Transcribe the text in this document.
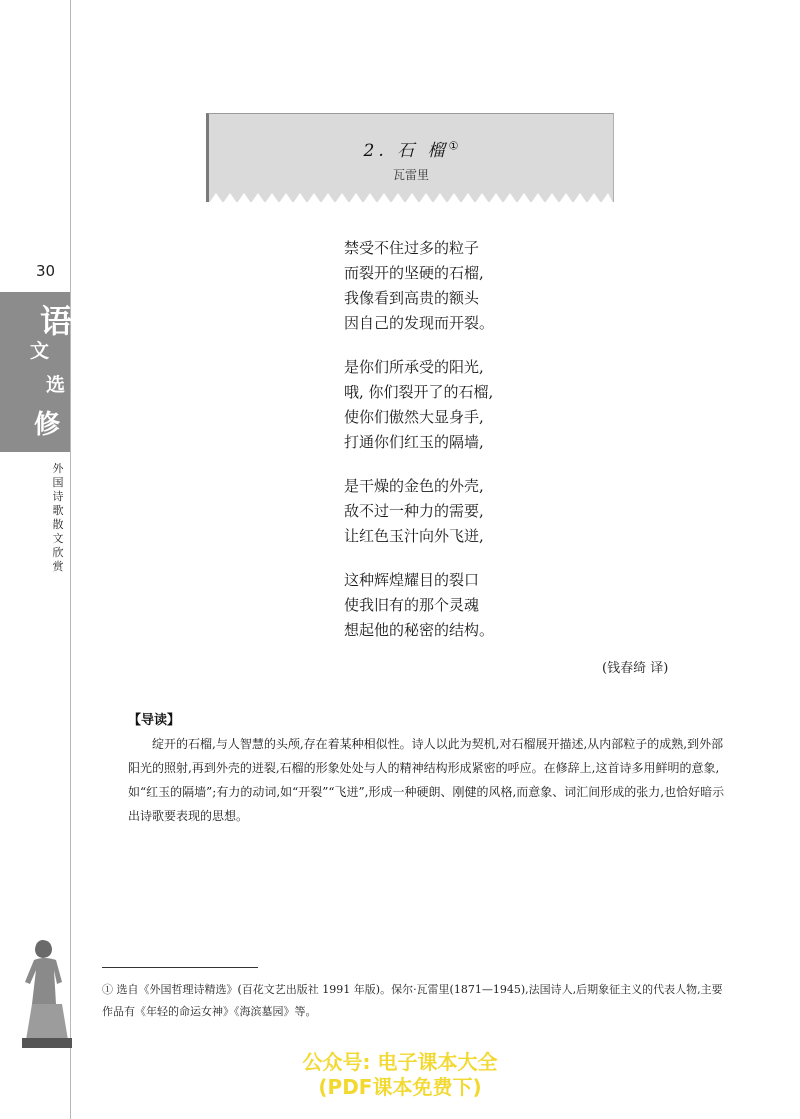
30
语
文
选
修
外国诗歌散文欣赏
2. 石 榴①
瓦雷里
禁受不住过多的粒子
而裂开的坚硬的石榴,
我像看到高贵的额头
因自己的发现而开裂。
是你们所承受的阳光,
哦, 你们裂开了的石榴,
使你们傲然大显身手,
打通你们红玉的隔墙,
是干燥的金色的外壳,
敌不过一种力的需要,
让红色玉汁向外飞迸,
这种辉煌耀目的裂口
使我旧有的那个灵魂
想起他的秘密的结构。
(钱春绮 译)
【导读】
绽开的石榴,与人智慧的头颅,存在着某种相似性。诗人以此为契机,对石榴展开描述,从内部粒子的成熟,到外部阳光的照射,再到外壳的迸裂,石榴的形象处处与人的精神结构形成紧密的呼应。在修辞上,这首诗多用鲜明的意象,如“红玉的隔墙”;有力的动词,如“开裂”“飞迸”,形成一种硬朗、刚健的风格,而意象、词汇间形成的张力,也恰好暗示出诗歌要表现的思想。
① 选自《外国哲理诗精选》(百花文艺出版社 1991 年版)。保尔·瓦雷里(1871—1945),法国诗人,后期象征主义的代表人物,主要作品有《年轻的命运女神》《海滨墓园》等。
公众号: 电子课本大全
(PDF课本免费下)
